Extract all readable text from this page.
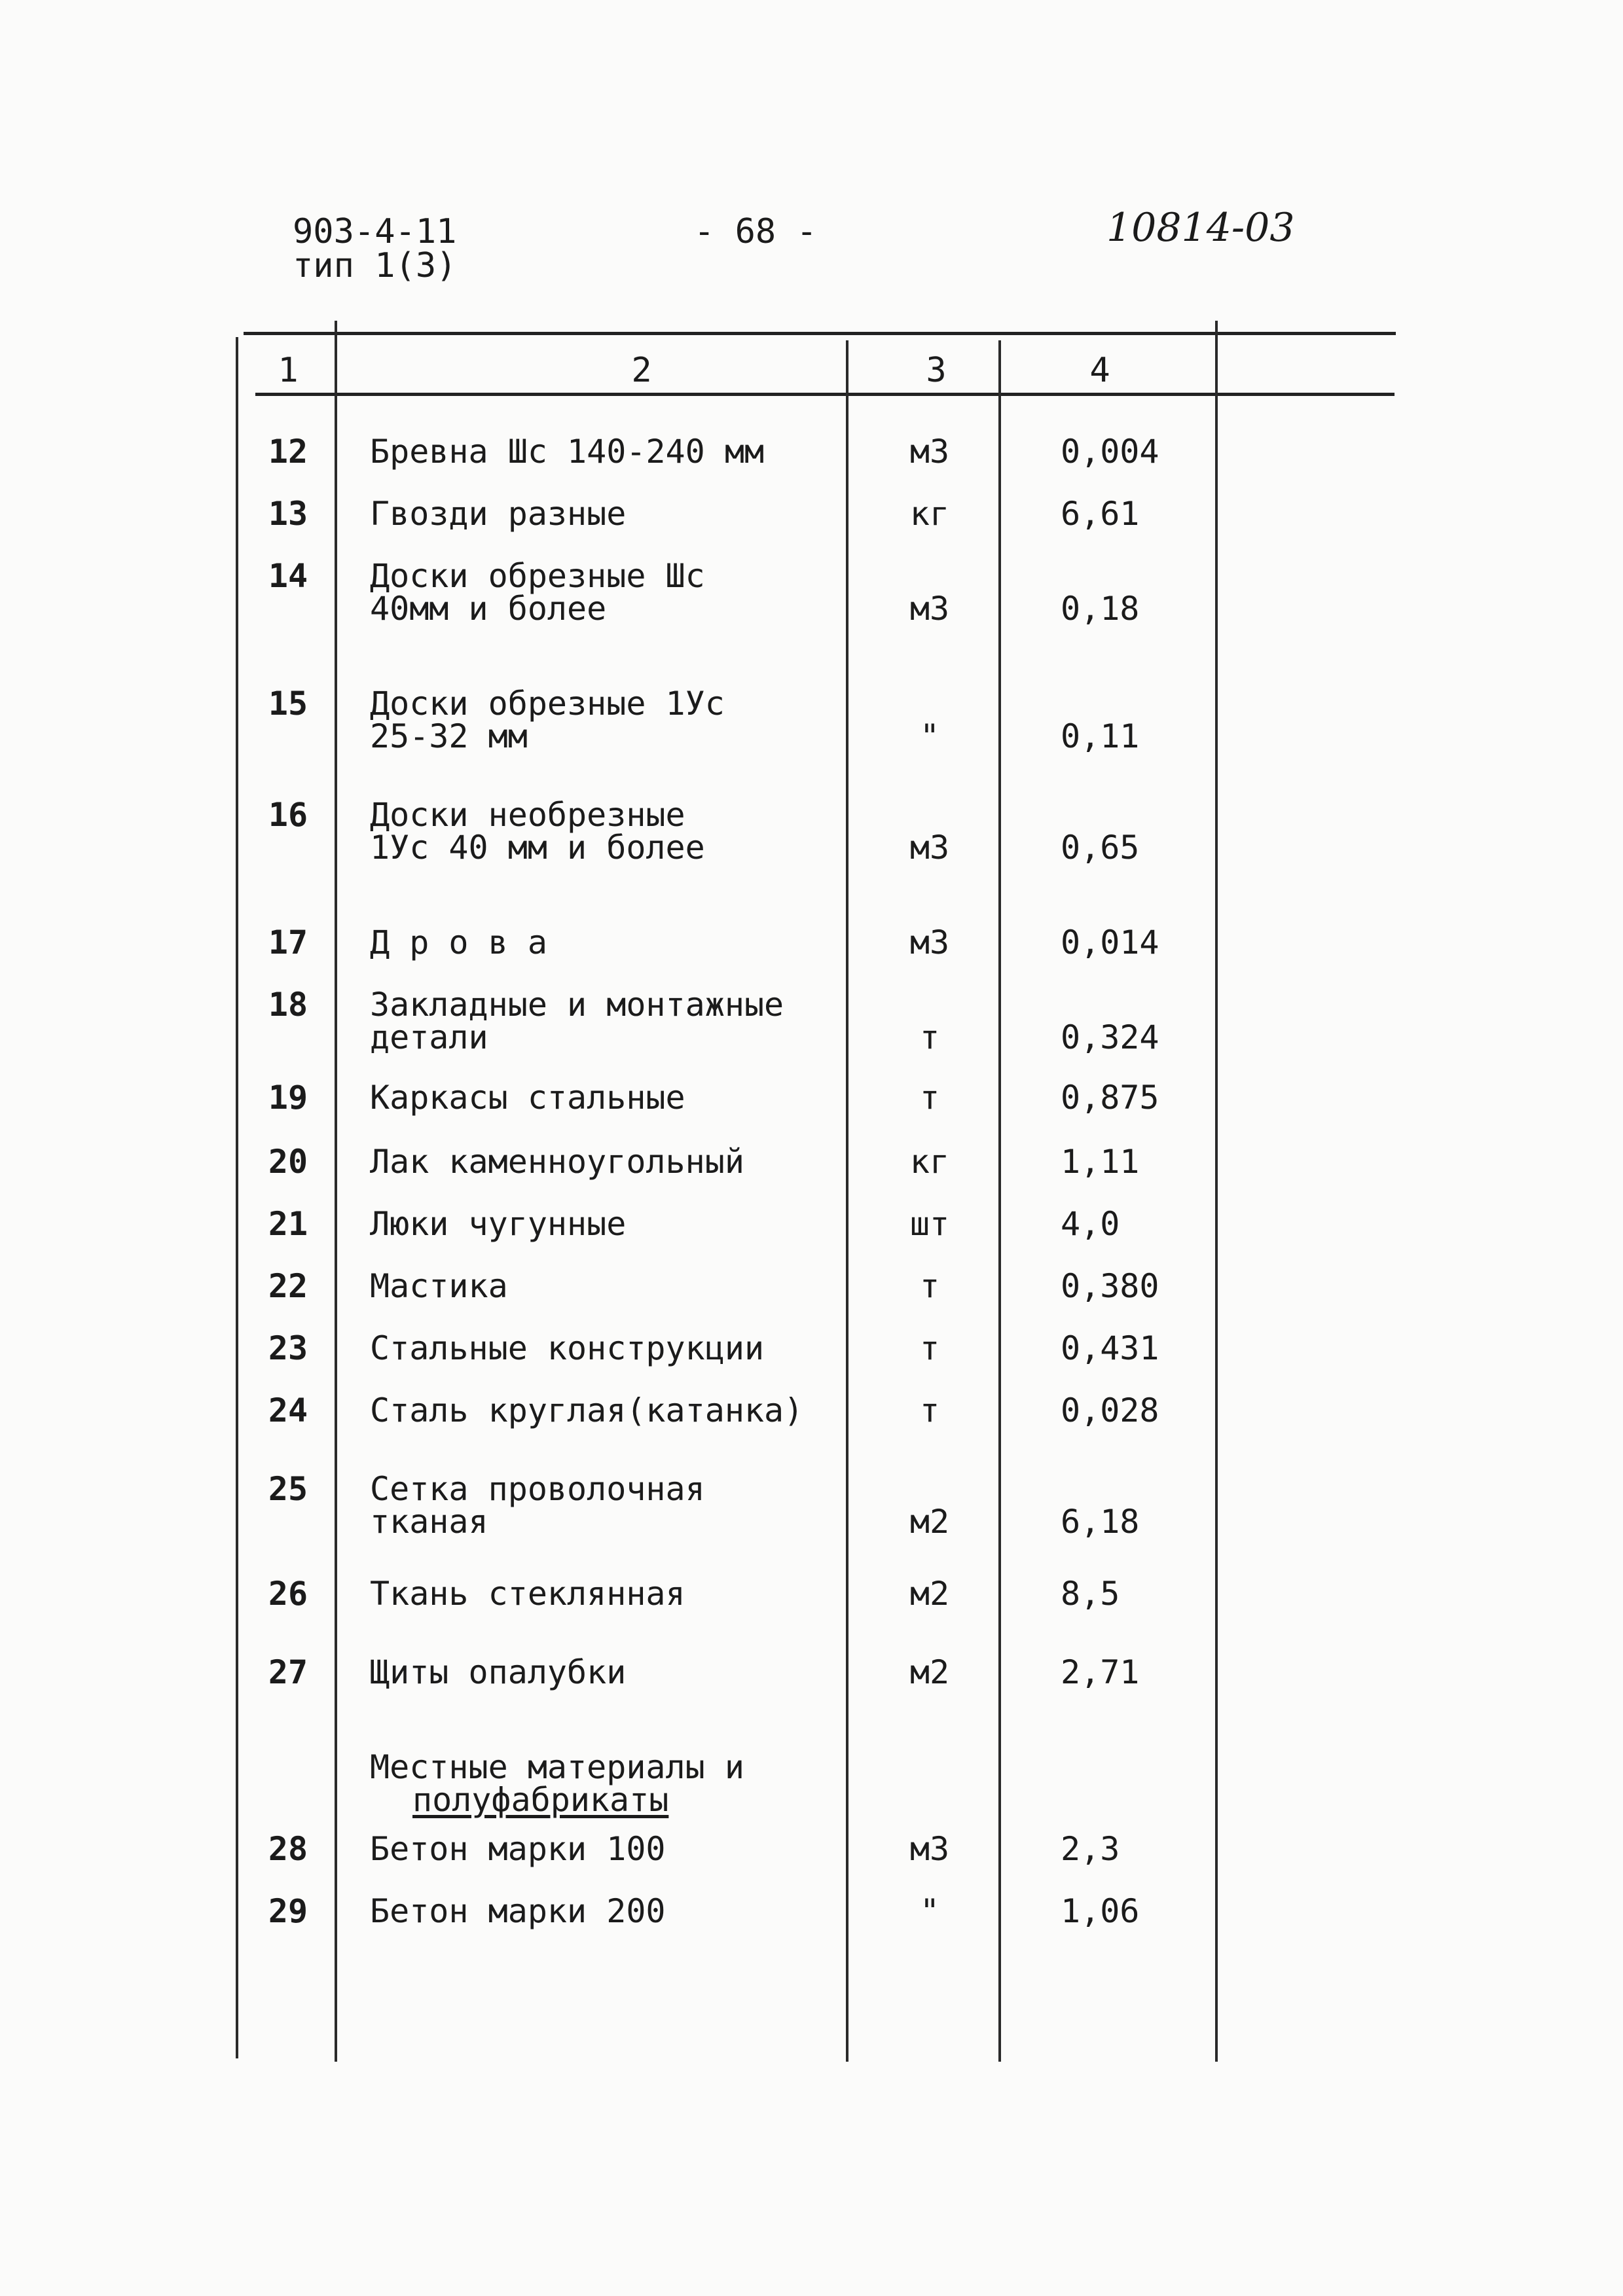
903-4-11
тип 1(3)
- 68 -	10814-03
1	2	3	4
12	Бревна Шс 140-240 мм	м3	0,004
13	Гвозди разные	кг	6,61
14	Доски обрезные Шс
40мм и более	м3	0,18
15	Доски обрезные 1Ус
25-32 мм	"	0,11
16	Доски необрезные
1Ус 40 мм и более	м3	0,65
17	Д р о в а	м3	0,014
18	Закладные и монтажные
детали	т	0,324
19	Каркасы стальные	т	0,875
20	Лак каменноугольный	кг	1,11
21	Люки чугунные	шт	4,0
22	Мастика	т	0,380
23	Стальные конструкции	т	0,431
24	Сталь круглая(катанка)	т	0,028
25	Сетка проволочная
тканая	м2	6,18
26	Ткань стеклянная	м2	8,5
27	Щиты опалубки	м2	2,71
28	Бетон марки 100	м3	2,3
29	Бетон марки 200	"	1,06
Местные материалы и
полуфабрикаты
